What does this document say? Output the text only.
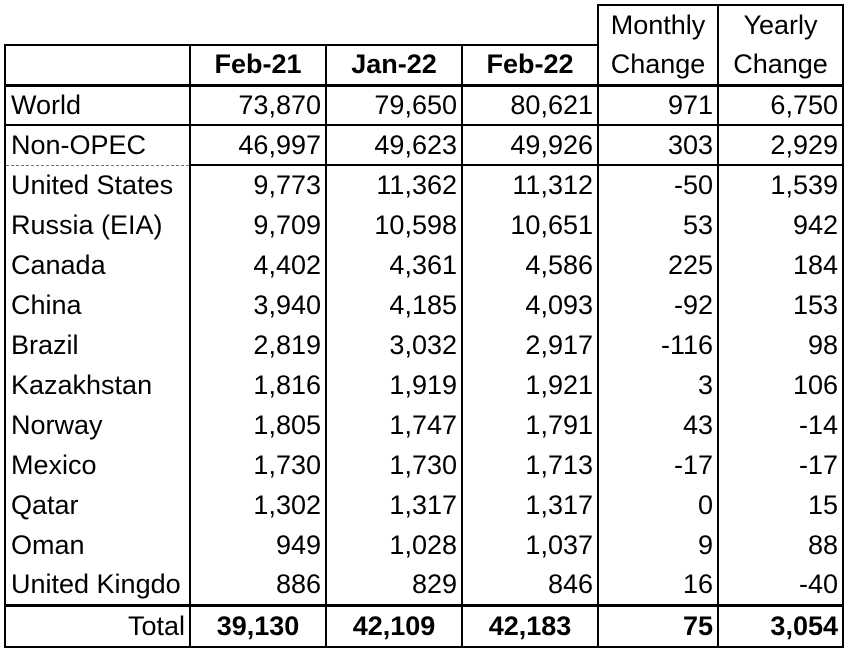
				Monthly	Yearly
	Feb-21	Jan-22	Feb-22	Change	Change
World	73,870	79,650	80,621	971	6,750
Non-OPEC	46,997	49,623	49,926	303	2,929
United States	9,773	11,362	11,312	-50	1,539
Russia (EIA)	9,709	10,598	10,651	53	942
Canada	4,402	4,361	4,586	225	184
China	3,940	4,185	4,093	-92	153
Brazil	2,819	3,032	2,917	-116	98
Kazakhstan	1,816	1,919	1,921	3	106
Norway	1,805	1,747	1,791	43	-14
Mexico	1,730	1,730	1,713	-17	-17
Qatar	1,302	1,317	1,317	0	15
Oman	949	1,028	1,037	9	88
United Kingdo	886	829	846	16	-40
Total	39,130	42,109	42,183	75	3,054
